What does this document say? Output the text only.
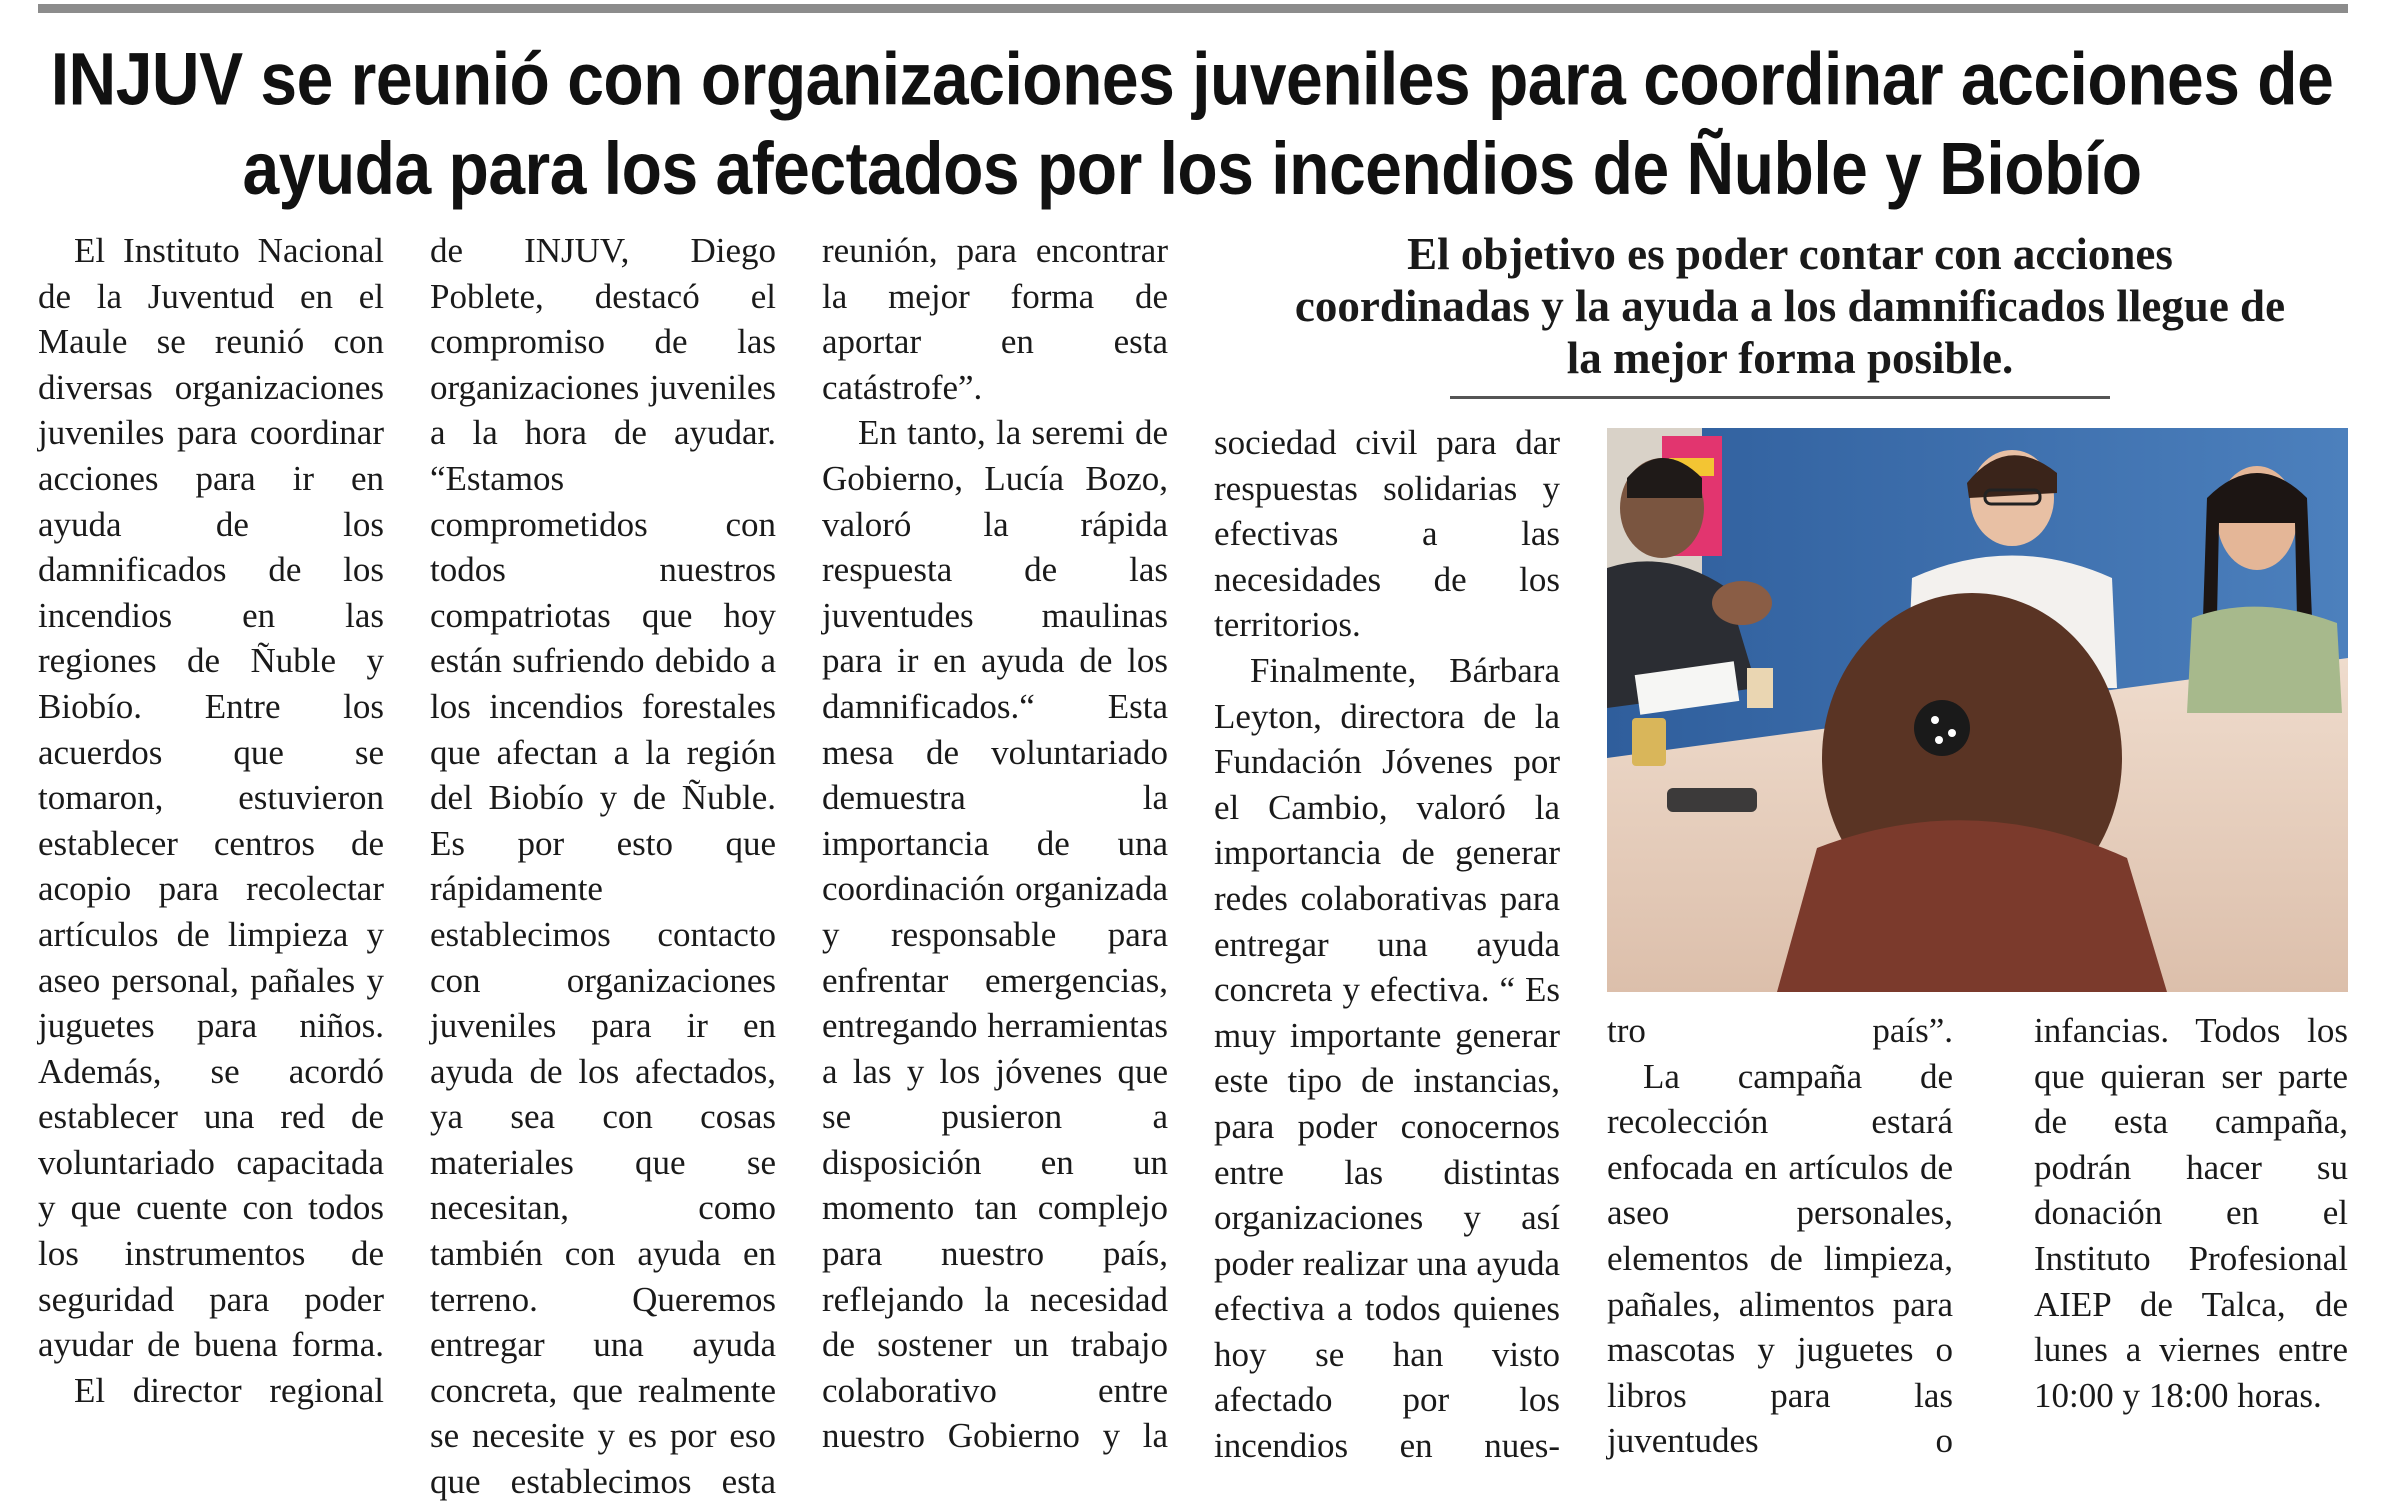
INJUV se reunió con organizaciones juveniles para coordinar acciones de
ayuda para los afectados por los incendios de Ñuble y Biobío

El Instituto Nacional de la Juventud en el Maule se reunió con diversas organizaciones juveniles para coordinar acciones para ir en ayuda de los damnificados de los incendios en las regiones de Ñuble y Biobío. Entre los acuerdos que se tomaron, estuvieron establecer centros de acopio para recolectar artículos de limpieza y aseo personal, pañales y juguetes para niños. Además, se acordó establecer una red de voluntariado capacitada y que cuente con todos los instrumentos de seguridad para poder ayudar de buena forma.

El director regional

de INJUV, Diego Poblete, destacó el compromiso de las organizaciones juveniles a la hora de ayudar. “Estamos comprometidos con todos nuestros compatriotas que hoy están sufriendo debido a los incendios forestales que afectan a la región del Biobío y de Ñuble. Es por esto que rápidamente establecimos contacto con organizaciones juveniles para ir en ayuda de los afectados, ya sea con cosas materiales que se necesitan, como también con ayuda en terreno. Queremos entregar una ayuda concreta, que realmente se necesite y es por eso que establecimos esta

reunión, para encontrar la mejor forma de aportar en esta catástrofe”.

En tanto, la seremi de Gobierno, Lucía Bozo, valoró la rápida respuesta de las juventudes maulinas para ir en ayuda de los damnificados.“ Esta mesa de voluntariado demuestra la importancia de una coordinación organizada y responsable para enfrentar emergencias, entregando herramientas a las y los jóvenes que se pusieron a disposición en un momento tan complejo para nuestro país, reflejando la necesidad de sostener un trabajo colaborativo entre nuestro Gobierno y la

El objetivo es poder contar con acciones coordinadas y la ayuda a los damnificados llegue de la mejor forma posible.

sociedad civil para dar respuestas solidarias y efectivas a las necesidades de los territorios.

Finalmente, Bárbara Leyton, directora de la Fundación Jóvenes por el Cambio, valoró la importancia de generar redes colaborativas para entregar una ayuda concreta y efectiva. “ Es muy importante generar este tipo de instancias, para poder conocernos entre las distintas organizaciones y así poder realizar una ayuda efectiva a todos quienes hoy se han visto afectado por los incendios en nues-

tro país”.

La campaña de recolección estará enfocada en artículos de aseo personales, elementos de limpieza, pañales, alimentos para mascotas y juguetes o libros para las juventudes o

infancias. Todos los que quieran ser parte de esta campaña, podrán hacer su donación en el Instituto Profesional AIEP de Talca, de lunes a viernes entre 10:00 y 18:00 horas.
